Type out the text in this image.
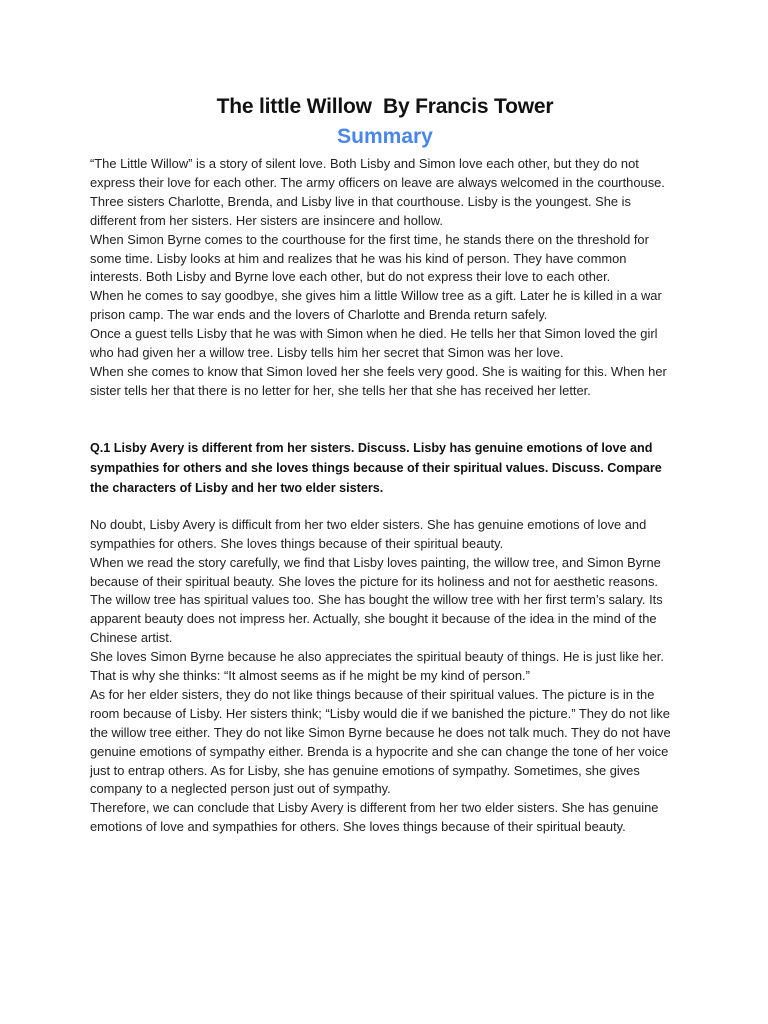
The little Willow  By Francis Tower
Summary

“The Little Willow” is a story of silent love. Both Lisby and Simon love each other, but they do not express their love for each other. The army officers on leave are always welcomed in the courthouse. Three sisters Charlotte, Brenda, and Lisby live in that courthouse. Lisby is the youngest. She is different from her sisters. Her sisters are insincere and hollow.

When Simon Byrne comes to the courthouse for the first time, he stands there on the threshold for some time. Lisby looks at him and realizes that he was his kind of person. They have common interests. Both Lisby and Byrne love each other, but do not express their love to each other.

When he comes to say goodbye, she gives him a little Willow tree as a gift. Later he is killed in a war prison camp. The war ends and the lovers of Charlotte and Brenda return safely.

Once a guest tells Lisby that he was with Simon when he died. He tells her that Simon loved the girl who had given her a willow tree. Lisby tells him her secret that Simon was her love.

When she comes to know that Simon loved her she feels very good. She is waiting for this. When her sister tells her that there is no letter for her, she tells her that she has received her letter.

Q.1 Lisby Avery is different from her sisters. Discuss. Lisby has genuine emotions of love and sympathies for others and she loves things because of their spiritual values. Discuss. Compare the characters of Lisby and her two elder sisters.

No doubt, Lisby Avery is difficult from her two elder sisters. She has genuine emotions of love and sympathies for others. She loves things because of their spiritual beauty.

When we read the story carefully, we find that Lisby loves painting, the willow tree, and Simon Byrne because of their spiritual beauty. She loves the picture for its holiness and not for aesthetic reasons. The willow tree has spiritual values too. She has bought the willow tree with her first term’s salary. Its apparent beauty does not impress her. Actually, she bought it because of the idea in the mind of the Chinese artist.

She loves Simon Byrne because he also appreciates the spiritual beauty of things. He is just like her. That is why she thinks: “It almost seems as if he might be my kind of person.”

As for her elder sisters, they do not like things because of their spiritual values. The picture is in the room because of Lisby. Her sisters think; “Lisby would die if we banished the picture.” They do not like the willow tree either. They do not like Simon Byrne because he does not talk much. They do not have genuine emotions of sympathy either. Brenda is a hypocrite and she can change the tone of her voice just to entrap others. As for Lisby, she has genuine emotions of sympathy. Sometimes, she gives company to a neglected person just out of sympathy.

Therefore, we can conclude that Lisby Avery is different from her two elder sisters. She has genuine emotions of love and sympathies for others. She loves things because of their spiritual beauty.
